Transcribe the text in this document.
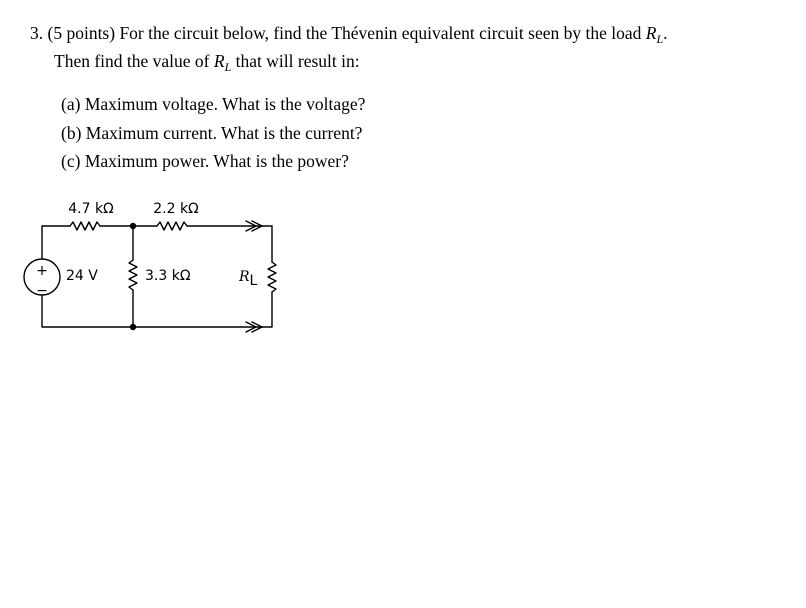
3. (5 points) For the circuit below, find the Thévenin equivalent circuit seen by the load $R_L$.
Then find the value of $R_L$ that will result in:
(a) Maximum voltage. What is the voltage?
(b) Maximum current. What is the current?
(c) Maximum power. What is the power?
+
−
4.7 kΩ	2.2 kΩ
24 V	3.3 kΩ	RL
